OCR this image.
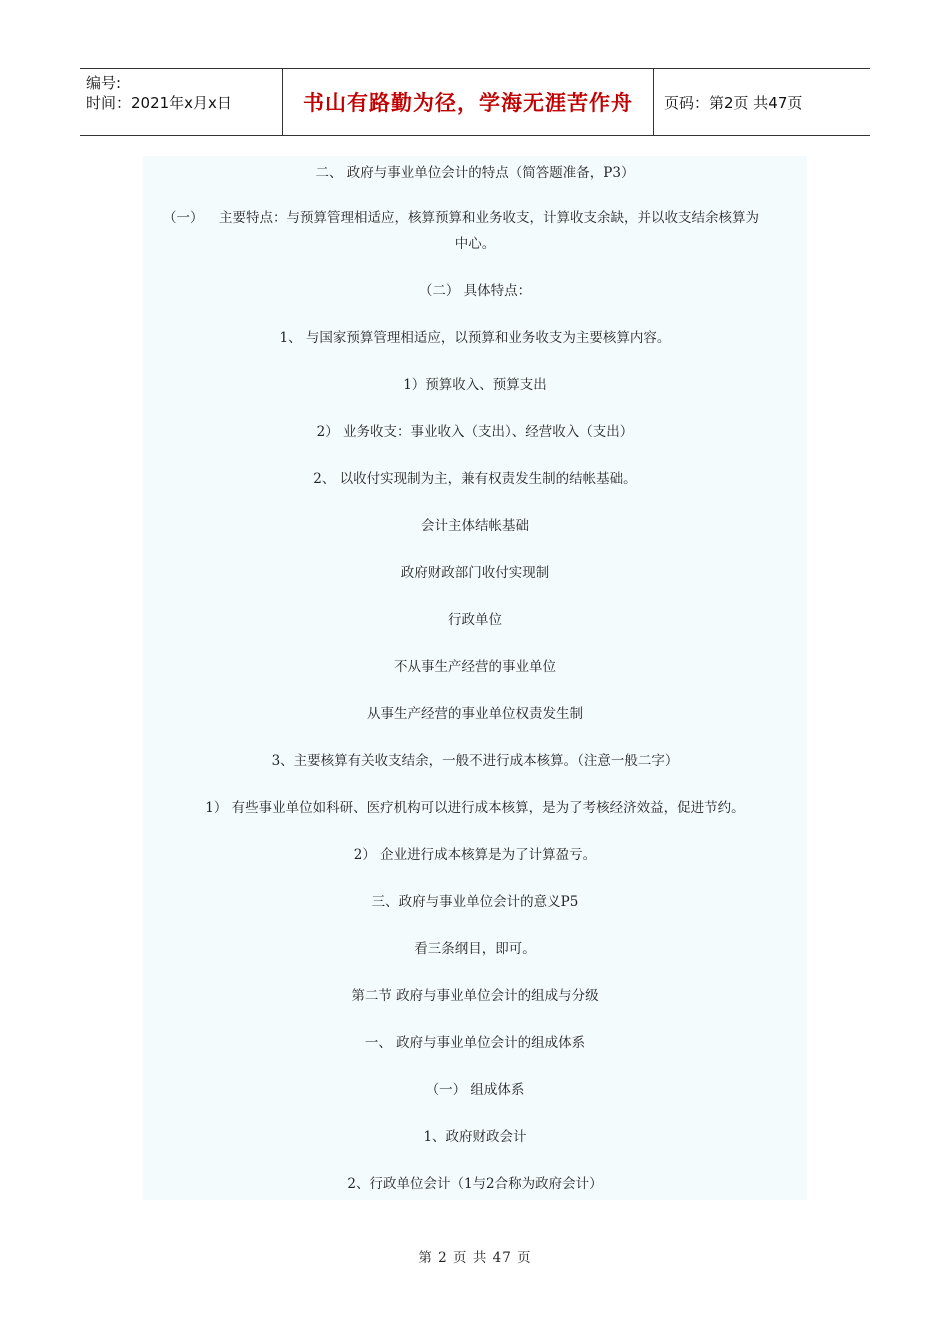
编号:
时间：2021年x月x日	书山有路勤为径，学海无涯苦作舟	页码：第2页 共47页
二、 政府与事业单位会计的特点（简答题准备，P3）
（一） 主要特点：与预算管理相适应，核算预算和业务收支，计算收支余缺，并以收支结余核算为
中心。
（二） 具体特点：
1、 与国家预算管理相适应，以预算和业务收支为主要核算内容。
1）预算收入、预算支出
2） 业务收支：事业收入（支出）、经营收入（支出）
2、 以收付实现制为主，兼有权责发生制的结帐基础。
会计主体结帐基础
政府财政部门收付实现制
行政单位
不从事生产经营的事业单位
从事生产经营的事业单位权责发生制
3、主要核算有关收支结余，一般不进行成本核算。（注意一般二字）
1） 有些事业单位如科研、医疗机构可以进行成本核算，是为了考核经济效益，促进节约。
2） 企业进行成本核算是为了计算盈亏。
三、政府与事业单位会计的意义P5
看三条纲目，即可。
第二节 政府与事业单位会计的组成与分级
一、 政府与事业单位会计的组成体系
（一） 组成体系
1、政府财政会计
2、行政单位会计（1与2合称为政府会计）
第 2 页 共 47 页
